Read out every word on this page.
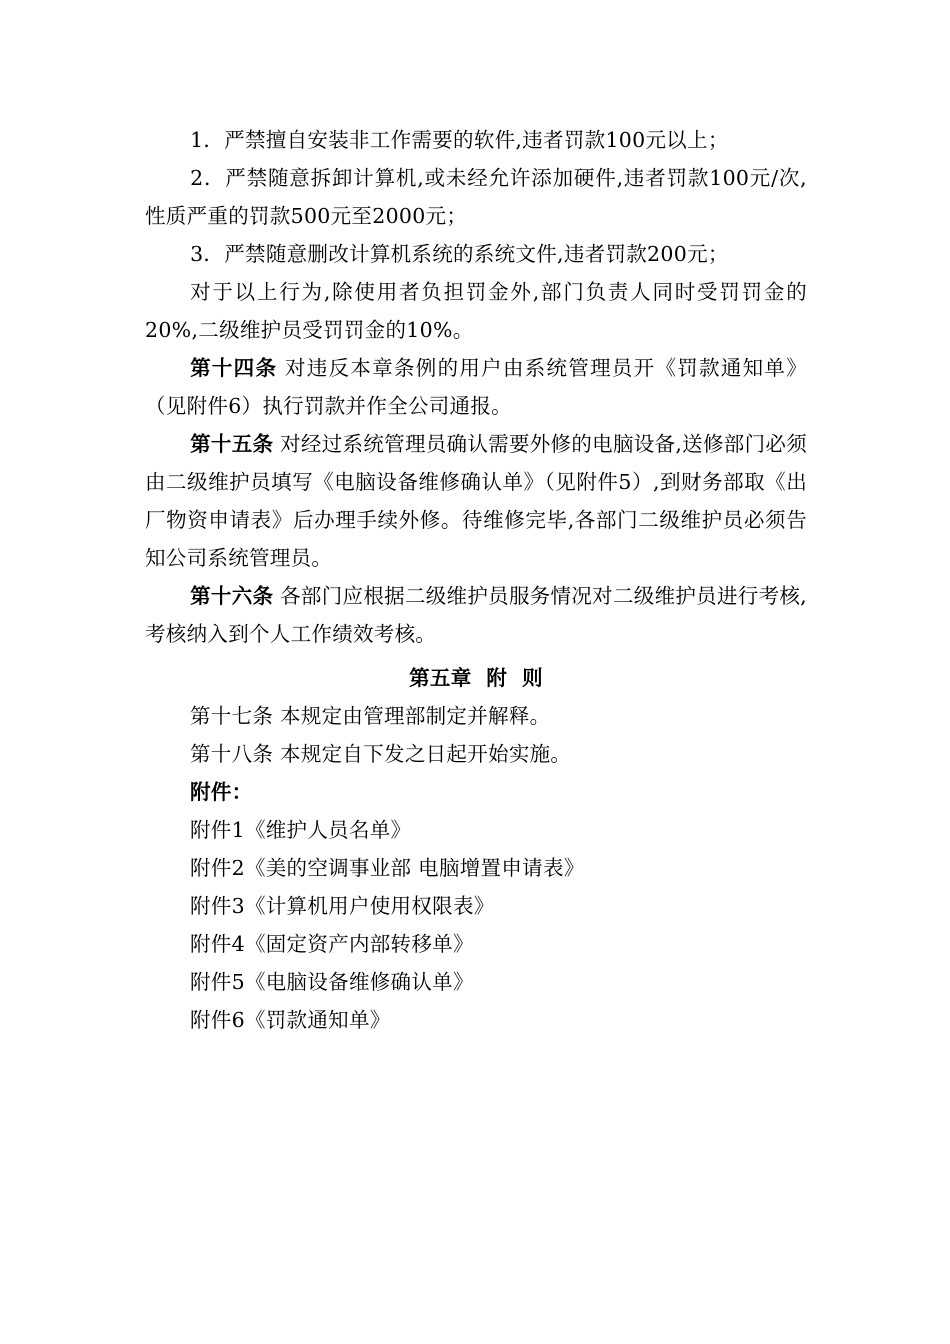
1．严禁擅自安装非工作需要的软件,违者罚款100元以上；

2．严禁随意拆卸计算机,或未经允许添加硬件,违者罚款100元/次,性质严重的罚款500元至2000元；

3．严禁随意删改计算机系统的系统文件,违者罚款200元；

对于以上行为,除使用者负担罚金外,部门负责人同时受罚罚金的20%,二级维护员受罚罚金的10%。

第十四条 对违反本章条例的用户由系统管理员开《罚款通知单》（见附件6）执行罚款并作全公司通报。

第十五条 对经过系统管理员确认需要外修的电脑设备,送修部门必须由二级维护员填写《电脑设备维修确认单》（见附件5）,到财务部取《出厂物资申请表》后办理手续外修。待维修完毕,各部门二级维护员必须告知公司系统管理员。

第十六条 各部门应根据二级维护员服务情况对二级维护员进行考核,考核纳入到个人工作绩效考核。

第五章  附  则

第十七条 本规定由管理部制定并解释。

第十八条 本规定自下发之日起开始实施。

附件：

附件1《维护人员名单》

附件2《美的空调事业部 电脑增置申请表》

附件3《计算机用户使用权限表》

附件4《固定资产内部转移单》

附件5《电脑设备维修确认单》

附件6《罚款通知单》
